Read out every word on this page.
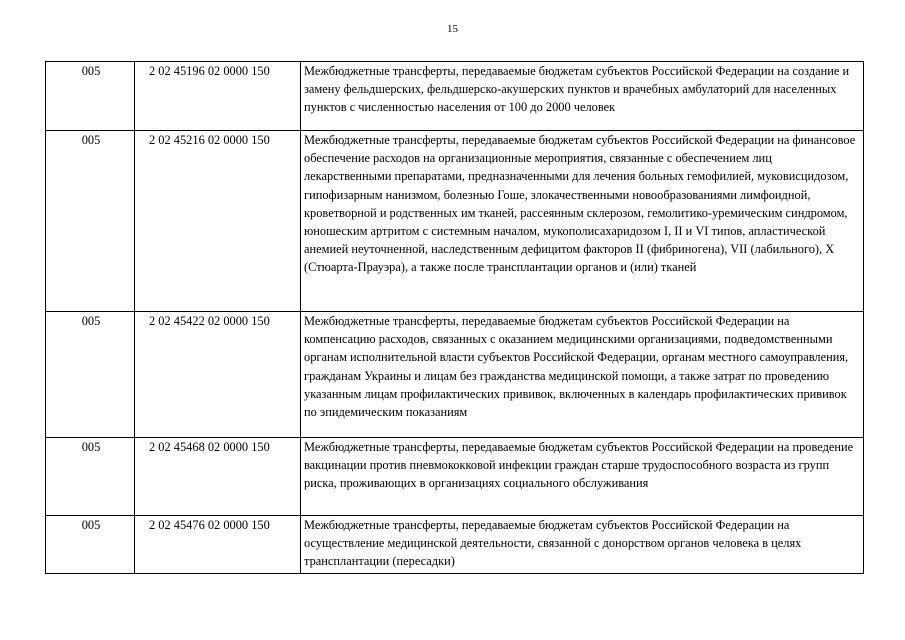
15
005	2 02 45196 02 0000 150	Межбюджетные трансферты, передаваемые бюджетам субъектов Российской Федерации на создание и замену фельдшерских, фельдшерско-акушерских пунктов и врачебных амбулаторий для населенных пунктов с численностью населения от 100 до 2000 человек
005	2 02 45216 02 0000 150	Межбюджетные трансферты, передаваемые бюджетам субъектов Российской Федерации на финансовое обеспечение расходов на организационные мероприятия, связанные с обеспечением лиц лекарственными препаратами, предназначенными для лечения больных гемофилией, муковисцидозом, гипофизарным нанизмом, болезнью Гоше, злокачественными новообразованиями лимфоидной, кроветворной и родственных им тканей, рассеянным склерозом, гемолитико-уремическим синдромом, юношеским артритом с системным началом, мукополисахаридозом I, II и VI типов, апластической анемией неуточненной, наследственным дефицитом факторов II (фибриногена), VII (лабильного), X (Стюарта-Прауэра), а также после трансплантации органов и (или) тканей
005	2 02 45422 02 0000 150	Межбюджетные трансферты, передаваемые бюджетам субъектов Российской Федерации на компенсацию расходов, связанных с оказанием медицинскими организациями, подведомственными органам исполнительной власти субъектов Российской Федерации, органам местного самоуправления, гражданам Украины и лицам без гражданства медицинской помощи, а также затрат по проведению указанным лицам профилактических прививок, включенных в календарь профилактических прививок по эпидемическим показаниям
005	2 02 45468 02 0000 150	Межбюджетные трансферты, передаваемые бюджетам субъектов Российской Федерации на проведение вакцинации против пневмококковой инфекции граждан старше трудоспособного возраста из групп риска, проживающих в организациях социального обслуживания
005	2 02 45476 02 0000 150	Межбюджетные трансферты, передаваемые бюджетам субъектов Российской Федерации на осуществление медицинской деятельности, связанной с донорством органов человека в целях трансплантации (пересадки)
